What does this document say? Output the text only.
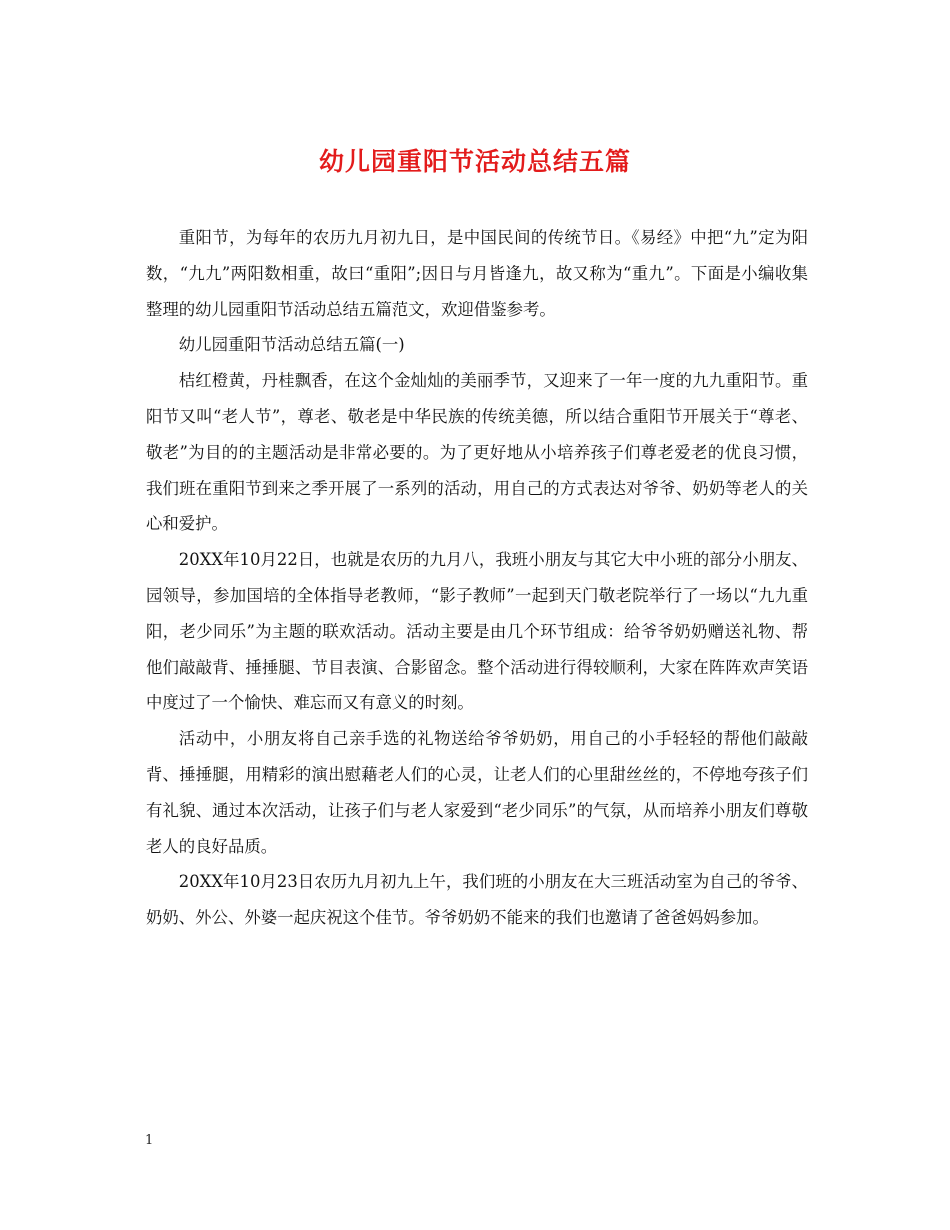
幼儿园重阳节活动总结五篇

重阳节，为每年的农历九月初九日，是中国民间的传统节日。《易经》中把“九”定为阳数，“九九”两阳数相重，故曰“重阳”;因日与月皆逢九，故又称为“重九”。下面是小编收集整理的幼儿园重阳节活动总结五篇范文，欢迎借鉴参考。

幼儿园重阳节活动总结五篇(一)

桔红橙黄，丹桂飘香，在这个金灿灿的美丽季节，又迎来了一年一度的九九重阳节。重阳节又叫“老人节”，尊老、敬老是中华民族的传统美德，所以结合重阳节开展关于“尊老、敬老”为目的的主题活动是非常必要的。为了更好地从小培养孩子们尊老爱老的优良习惯，我们班在重阳节到来之季开展了一系列的活动，用自己的方式表达对爷爷、奶奶等老人的关心和爱护。

20XX年10月22日，也就是农历的九月八，我班小朋友与其它大中小班的部分小朋友、园领导，参加国培的全体指导老教师，“影子教师”一起到天门敬老院举行了一场以“九九重阳，老少同乐”为主题的联欢活动。活动主要是由几个环节组成：给爷爷奶奶赠送礼物、帮他们敲敲背、捶捶腿、节目表演、合影留念。整个活动进行得较顺利，大家在阵阵欢声笑语中度过了一个愉快、难忘而又有意义的时刻。

活动中，小朋友将自己亲手选的礼物送给爷爷奶奶，用自己的小手轻轻的帮他们敲敲背、捶捶腿，用精彩的演出慰藉老人们的心灵，让老人们的心里甜丝丝的，不停地夸孩子们有礼貌、通过本次活动，让孩子们与老人家爱到“老少同乐”的气氛，从而培养小朋友们尊敬老人的良好品质。

20XX年10月23日农历九月初九上午，我们班的小朋友在大三班活动室为自己的爷爷、奶奶、外公、外婆一起庆祝这个佳节。爷爷奶奶不能来的我们也邀请了爸爸妈妈参加。

1
